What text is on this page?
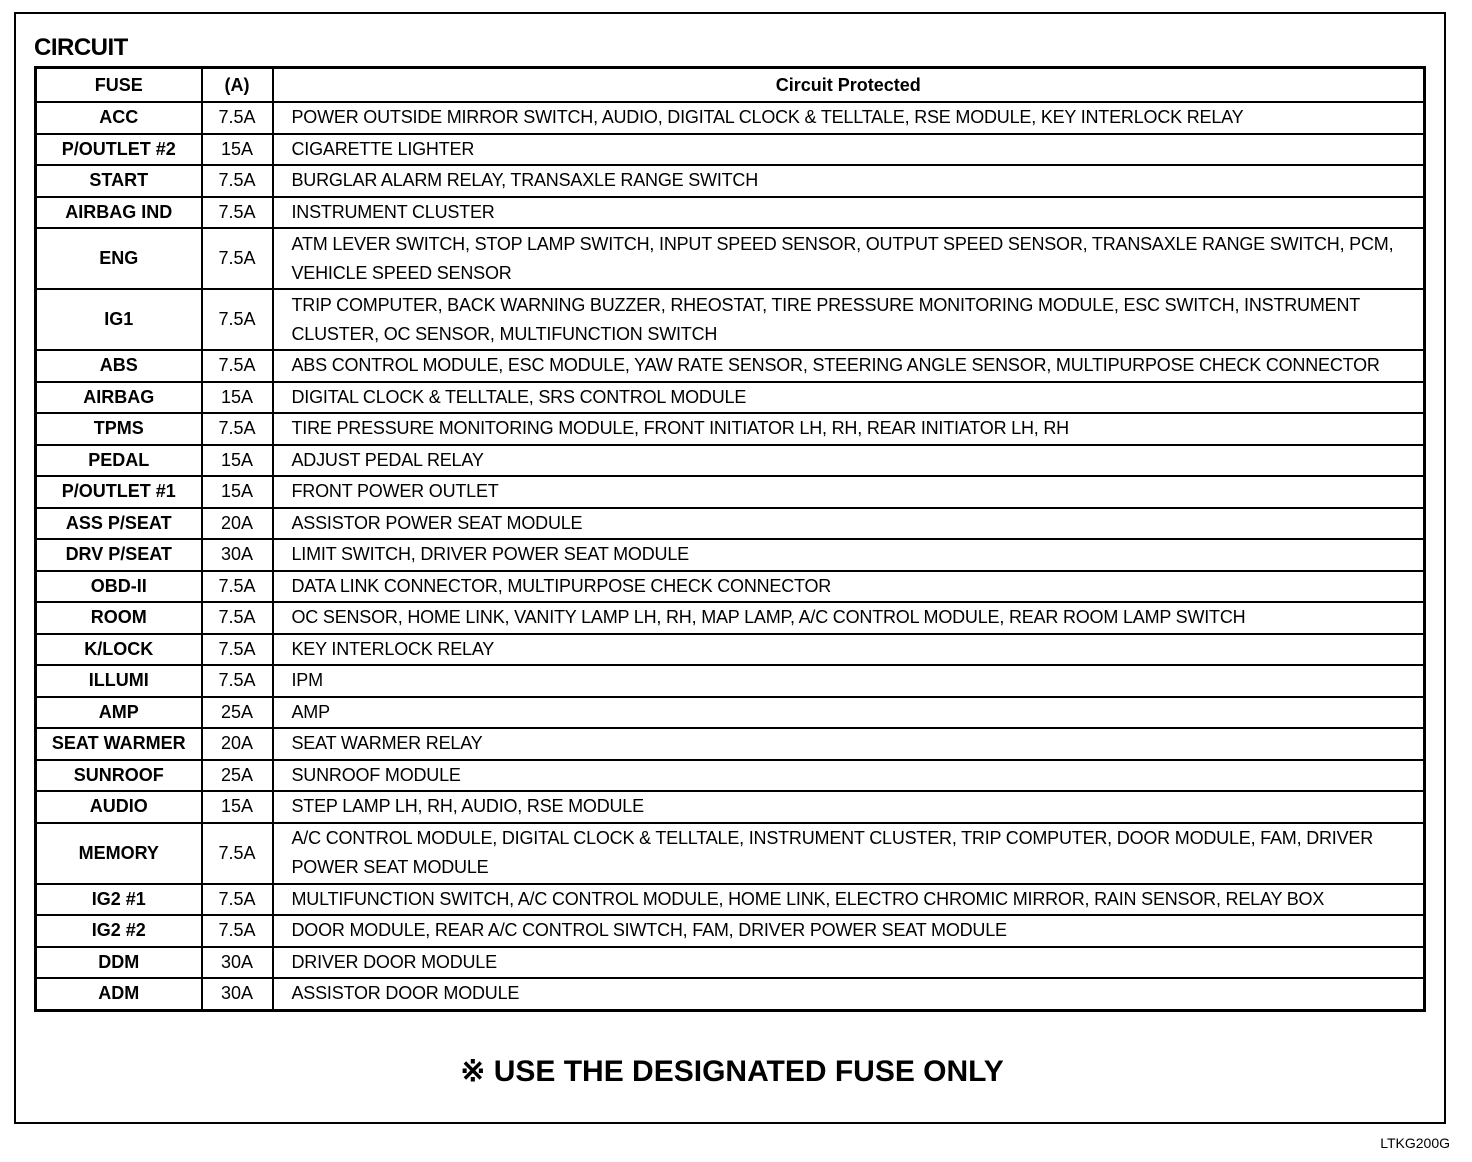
CIRCUIT
FUSE	(A)	Circuit Protected
ACC	7.5A	POWER OUTSIDE MIRROR SWITCH, AUDIO, DIGITAL CLOCK & TELLTALE, RSE MODULE, KEY INTERLOCK RELAY
P/OUTLET #2	15A	CIGARETTE LIGHTER
START	7.5A	BURGLAR ALARM RELAY, TRANSAXLE RANGE SWITCH
AIRBAG IND	7.5A	INSTRUMENT CLUSTER
ENG	7.5A	ATM LEVER SWITCH, STOP LAMP SWITCH, INPUT SPEED SENSOR, OUTPUT SPEED SENSOR, TRANSAXLE RANGE SWITCH, PCM, VEHICLE SPEED SENSOR
IG1	7.5A	TRIP COMPUTER, BACK WARNING BUZZER, RHEOSTAT, TIRE PRESSURE MONITORING MODULE, ESC SWITCH, INSTRUMENT CLUSTER, OC SENSOR, MULTIFUNCTION SWITCH
ABS	7.5A	ABS CONTROL MODULE, ESC MODULE, YAW RATE SENSOR, STEERING ANGLE SENSOR, MULTIPURPOSE CHECK CONNECTOR
AIRBAG	15A	DIGITAL CLOCK & TELLTALE, SRS CONTROL MODULE
TPMS	7.5A	TIRE PRESSURE MONITORING MODULE, FRONT INITIATOR LH, RH, REAR INITIATOR LH, RH
PEDAL	15A	ADJUST PEDAL RELAY
P/OUTLET #1	15A	FRONT POWER OUTLET
ASS P/SEAT	20A	ASSISTOR POWER SEAT MODULE
DRV P/SEAT	30A	LIMIT SWITCH, DRIVER POWER SEAT MODULE
OBD-II	7.5A	DATA LINK CONNECTOR, MULTIPURPOSE CHECK CONNECTOR
ROOM	7.5A	OC SENSOR, HOME LINK, VANITY LAMP LH, RH, MAP LAMP, A/C CONTROL MODULE, REAR ROOM LAMP SWITCH
K/LOCK	7.5A	KEY INTERLOCK RELAY
ILLUMI	7.5A	IPM
AMP	25A	AMP
SEAT WARMER	20A	SEAT WARMER RELAY
SUNROOF	25A	SUNROOF MODULE
AUDIO	15A	STEP LAMP LH, RH, AUDIO, RSE MODULE
MEMORY	7.5A	A/C CONTROL MODULE, DIGITAL CLOCK & TELLTALE, INSTRUMENT CLUSTER, TRIP COMPUTER, DOOR MODULE, FAM, DRIVER POWER SEAT MODULE
IG2 #1	7.5A	MULTIFUNCTION SWITCH, A/C CONTROL MODULE, HOME LINK, ELECTRO CHROMIC MIRROR, RAIN SENSOR, RELAY BOX
IG2 #2	7.5A	DOOR MODULE, REAR A/C CONTROL SIWTCH, FAM, DRIVER POWER SEAT MODULE
DDM	30A	DRIVER DOOR MODULE
ADM	30A	ASSISTOR DOOR MODULE
※ USE THE DESIGNATED FUSE ONLY
LTKG200G
